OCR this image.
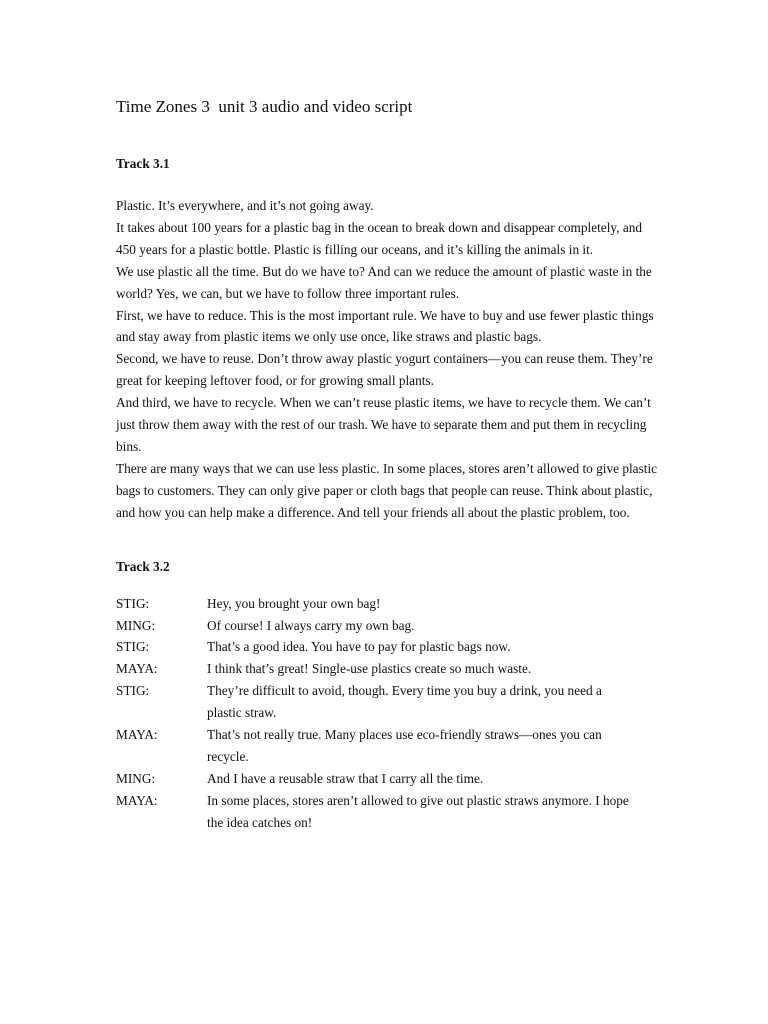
Time Zones 3  unit 3 audio and video script
Track 3.1

Plastic. It’s everywhere, and it’s not going away.

It takes about 100 years for a plastic bag in the ocean to break down and disappear completely, and 450 years for a plastic bottle. Plastic is filling our oceans, and it’s killing the animals in it.

We use plastic all the time. But do we have to? And can we reduce the amount of plastic waste in the world? Yes, we can, but we have to follow three important rules.

First, we have to reduce. This is the most important rule. We have to buy and use fewer plastic things and stay away from plastic items we only use once, like straws and plastic bags.

Second, we have to reuse. Don’t throw away plastic yogurt containers—you can reuse them. They’re great for keeping leftover food, or for growing small plants.

And third, we have to recycle. When we can’t reuse plastic items, we have to recycle them. We can’t just throw them away with the rest of our trash. We have to separate them and put them in recycling bins.

There are many ways that we can use less plastic. In some places, stores aren’t allowed to give plastic bags to customers. They can only give paper or cloth bags that people can reuse. Think about plastic, and how you can help make a difference. And tell your friends all about the plastic problem, too.

Track 3.2
STIG:	Hey, you brought your own bag!
MING:	Of course! I always carry my own bag.
STIG:	That’s a good idea. You have to pay for plastic bags now.
MAYA:	I think that’s great! Single-use plastics create so much waste.
STIG:	They’re difficult to avoid, though. Every time you buy a drink, you need a plastic straw.
MAYA:	That’s not really true. Many places use eco-friendly straws—ones you can recycle.
MING:	And I have a reusable straw that I carry all the time.
MAYA:	In some places, stores aren’t allowed to give out plastic straws anymore. I hope the idea catches on!
